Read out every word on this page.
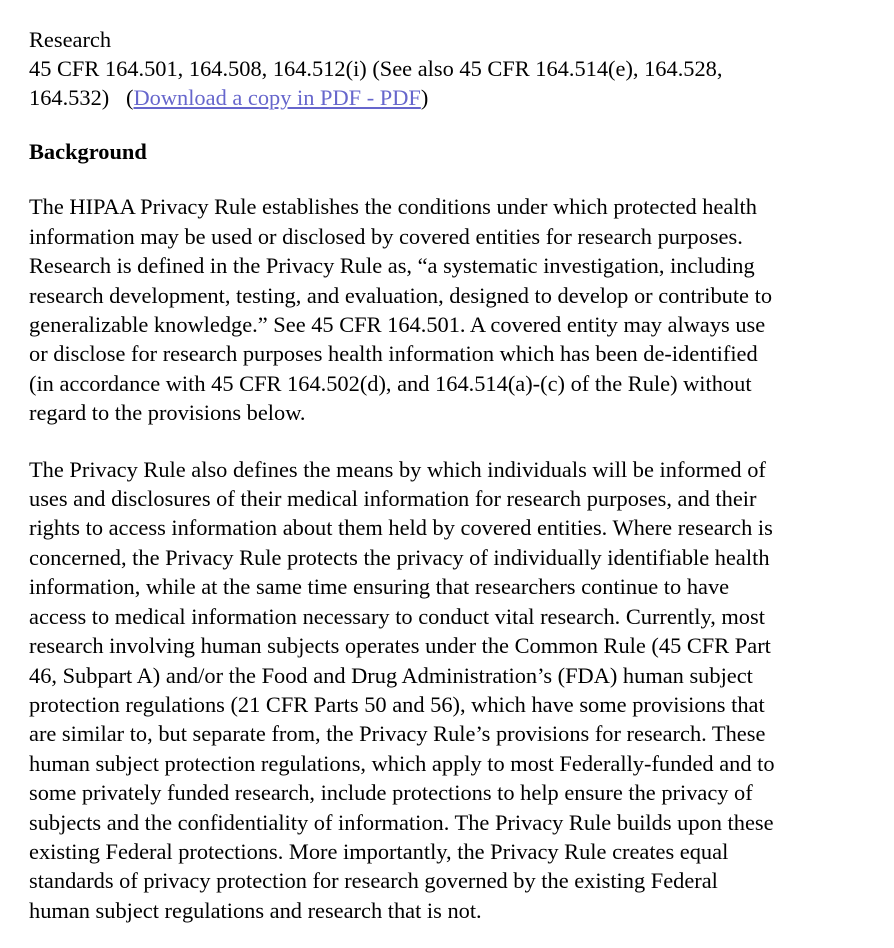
Research
45 CFR 164.501, 164.508, 164.512(i) (See also 45 CFR 164.514(e), 164.528,
164.532)   (Download a copy in PDF - PDF)
Background
The HIPAA Privacy Rule establishes the conditions under which protected health
information may be used or disclosed by covered entities for research purposes.
Research is defined in the Privacy Rule as, “a systematic investigation, including
research development, testing, and evaluation, designed to develop or contribute to
generalizable knowledge.” See 45 CFR 164.501. A covered entity may always use
or disclose for research purposes health information which has been de-identified
(in accordance with 45 CFR 164.502(d), and 164.514(a)-(c) of the Rule) without
regard to the provisions below.
The Privacy Rule also defines the means by which individuals will be informed of
uses and disclosures of their medical information for research purposes, and their
rights to access information about them held by covered entities. Where research is
concerned, the Privacy Rule protects the privacy of individually identifiable health
information, while at the same time ensuring that researchers continue to have
access to medical information necessary to conduct vital research. Currently, most
research involving human subjects operates under the Common Rule (45 CFR Part
46, Subpart A) and/or the Food and Drug Administration’s (FDA) human subject
protection regulations (21 CFR Parts 50 and 56), which have some provisions that
are similar to, but separate from, the Privacy Rule’s provisions for research. These
human subject protection regulations, which apply to most Federally-funded and to
some privately funded research, include protections to help ensure the privacy of
subjects and the confidentiality of information. The Privacy Rule builds upon these
existing Federal protections. More importantly, the Privacy Rule creates equal
standards of privacy protection for research governed by the existing Federal
human subject regulations and research that is not.
